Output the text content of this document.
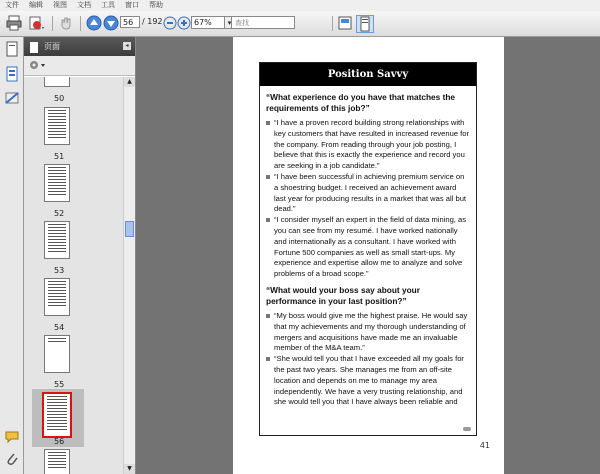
文件 编辑 视图 文档 工具 窗口 帮助
56	/ 192	67%	▾ 查找
页面	◂
50
51
52
53
54
55
56
▲
▼
Position Savvy
“What experience do you have that matches the requirements of this job?”
“I have a proven record building strong relationships with key customers that have resulted in increased revenue for the company. From reading through your job posting, I believe that this is exactly the experience and record you are seeking in a job candidate.”
“I have been successful in achieving premium service on a shoestring budget. I received an achievement award last year for producing results in a market that was all but dead.”
“I consider myself an expert in the field of data mining, as you can see from my resumé. I have worked nationally and internationally as a consultant. I have worked with Fortune 500 companies as well as small start-ups. My experience and expertise allow me to analyze and solve problems of a broad scope.”
“What would your boss say about your performance in your last position?”
“My boss would give me the highest praise. He would say that my achievements and my thorough understanding of mergers and acquisitions have made me an invaluable member of the M&A team.”
“She would tell you that I have exceeded all my goals for the past two years. She manages me from an off-site location and depends on me to manage my area independently. We have a very trusting relationship, and she would tell you that I have always been reliable and
41
